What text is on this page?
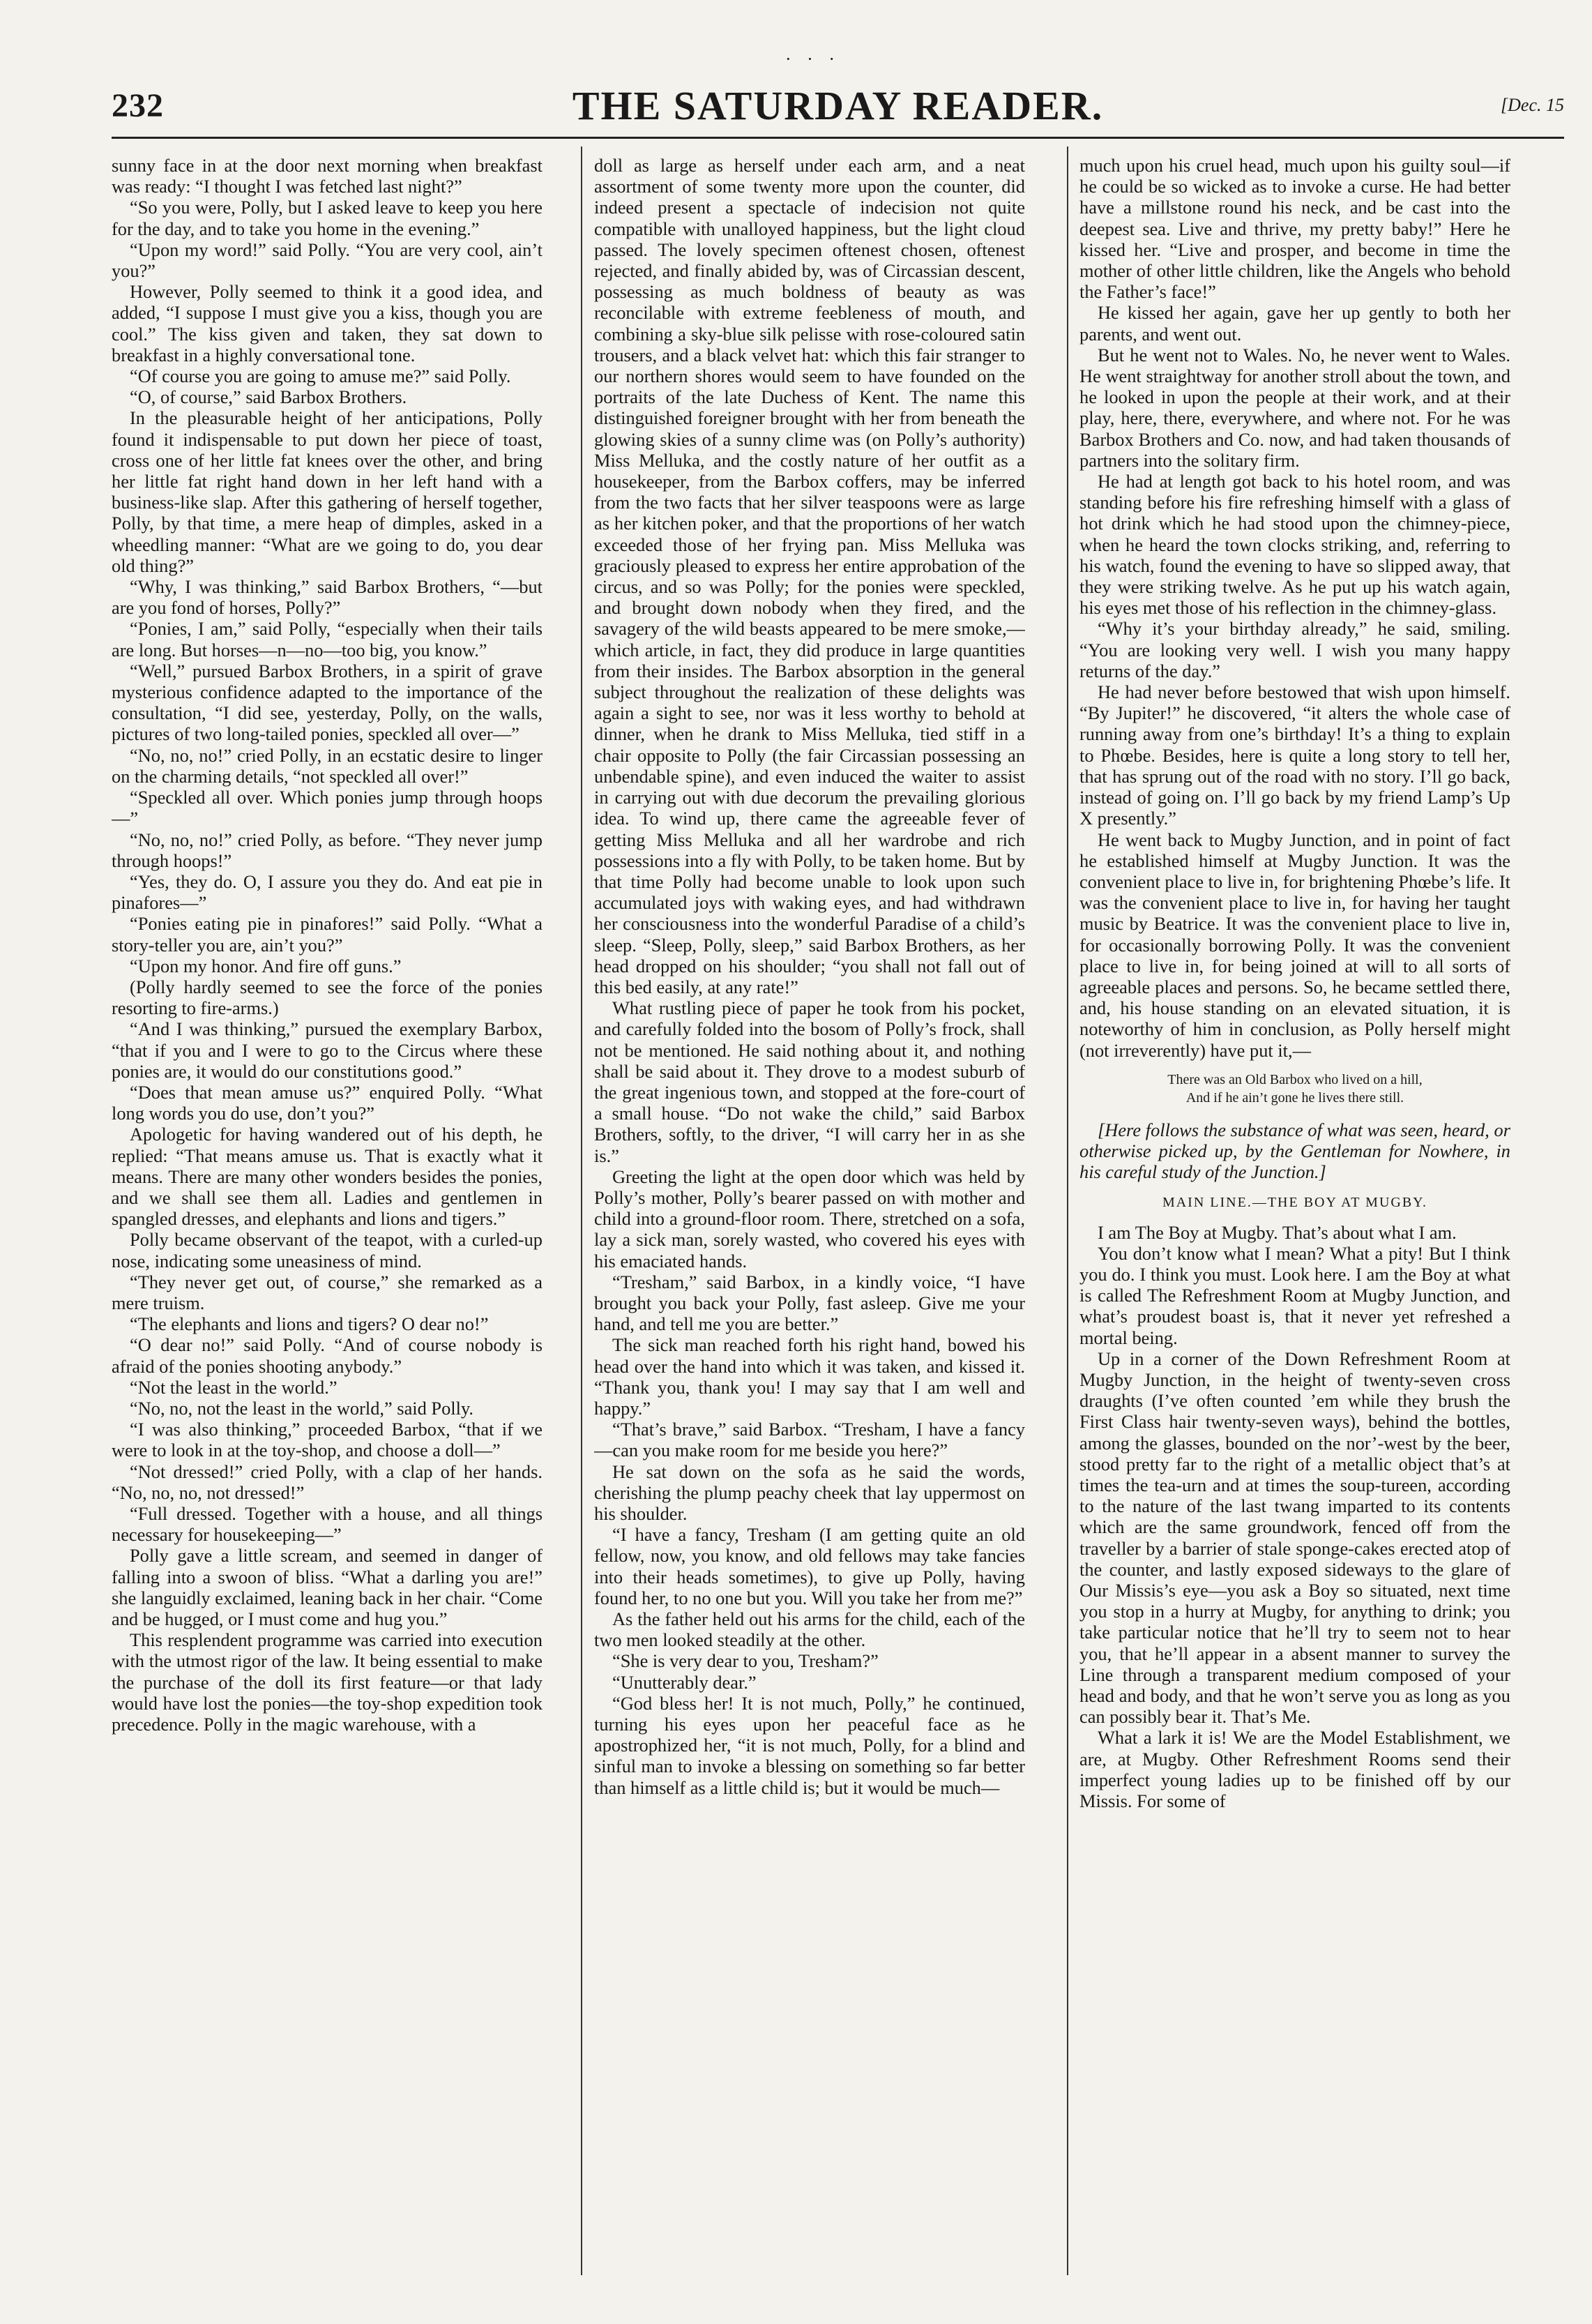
· · ·
232	THE SATURDAY READER.	[Dec. 15

sunny face in at the door next morning when breakfast was ready: “I thought I was fetched last night?”

“So you were, Polly, but I asked leave to keep you here for the day, and to take you home in the evening.”

“Upon my word!” said Polly. “You are very cool, ain’t you?”

However, Polly seemed to think it a good idea, and added, “I suppose I must give you a kiss, though you are cool.” The kiss given and taken, they sat down to breakfast in a highly conversational tone.

“Of course you are going to amuse me?” said Polly.

“O, of course,” said Barbox Brothers.

In the pleasurable height of her anticipations, Polly found it indispensable to put down her piece of toast, cross one of her little fat knees over the other, and bring her little fat right hand down in her left hand with a business-like slap. After this gathering of herself together, Polly, by that time, a mere heap of dimples, asked in a wheedling manner: “What are we going to do, you dear old thing?”

“Why, I was thinking,” said Barbox Brothers, “—but are you fond of horses, Polly?”

“Ponies, I am,” said Polly, “especially when their tails are long. But horses—n—no—too big, you know.”

“Well,” pursued Barbox Brothers, in a spirit of grave mysterious confidence adapted to the importance of the consultation, “I did see, yesterday, Polly, on the walls, pictures of two long-tailed ponies, speckled all over—”

“No, no, no!” cried Polly, in an ecstatic desire to linger on the charming details, “not speckled all over!”

“Speckled all over. Which ponies jump through hoops—”

“No, no, no!” cried Polly, as before. “They never jump through hoops!”

“Yes, they do. O, I assure you they do. And eat pie in pinafores—”

“Ponies eating pie in pinafores!” said Polly. “What a story-teller you are, ain’t you?”

“Upon my honor. And fire off guns.”

(Polly hardly seemed to see the force of the ponies resorting to fire-arms.)

“And I was thinking,” pursued the exemplary Barbox, “that if you and I were to go to the Circus where these ponies are, it would do our constitutions good.”

“Does that mean amuse us?” enquired Polly. “What long words you do use, don’t you?”

Apologetic for having wandered out of his depth, he replied: “That means amuse us. That is exactly what it means. There are many other wonders besides the ponies, and we shall see them all. Ladies and gentlemen in spangled dresses, and elephants and lions and tigers.”

Polly became observant of the teapot, with a curled-up nose, indicating some uneasiness of mind.

“They never get out, of course,” she remarked as a mere truism.

“The elephants and lions and tigers? O dear no!”

“O dear no!” said Polly. “And of course nobody is afraid of the ponies shooting anybody.”

“Not the least in the world.”

“No, no, not the least in the world,” said Polly.

“I was also thinking,” proceeded Barbox, “that if we were to look in at the toy-shop, and choose a doll—”

“Not dressed!” cried Polly, with a clap of her hands. “No, no, no, not dressed!”

“Full dressed. Together with a house, and all things necessary for housekeeping—”

Polly gave a little scream, and seemed in danger of falling into a swoon of bliss. “What a darling you are!” she languidly exclaimed, leaning back in her chair. “Come and be hugged, or I must come and hug you.”

This resplendent programme was carried into execution with the utmost rigor of the law. It being essential to make the purchase of the doll its first feature—or that lady would have lost the ponies—the toy-shop expedition took precedence. Polly in the magic warehouse, with a

doll as large as herself under each arm, and a neat assortment of some twenty more upon the counter, did indeed present a spectacle of indecision not quite compatible with unalloyed happiness, but the light cloud passed. The lovely specimen oftenest chosen, oftenest rejected, and finally abided by, was of Circassian descent, possessing as much boldness of beauty as was reconcilable with extreme feebleness of mouth, and combining a sky-blue silk pelisse with rose-coloured satin trousers, and a black velvet hat: which this fair stranger to our northern shores would seem to have founded on the portraits of the late Duchess of Kent. The name this distinguished foreigner brought with her from beneath the glowing skies of a sunny clime was (on Polly’s authority) Miss Melluka, and the costly nature of her outfit as a housekeeper, from the Barbox coffers, may be inferred from the two facts that her silver teaspoons were as large as her kitchen poker, and that the proportions of her watch exceeded those of her frying pan. Miss Melluka was graciously pleased to express her entire approbation of the circus, and so was Polly; for the ponies were speckled, and brought down nobody when they fired, and the savagery of the wild beasts appeared to be mere smoke,—which article, in fact, they did produce in large quantities from their insides. The Barbox absorption in the general subject throughout the realization of these delights was again a sight to see, nor was it less worthy to behold at dinner, when he drank to Miss Melluka, tied stiff in a chair opposite to Polly (the fair Circassian possessing an unbendable spine), and even induced the waiter to assist in carrying out with due decorum the prevailing glorious idea. To wind up, there came the agreeable fever of getting Miss Melluka and all her wardrobe and rich possessions into a fly with Polly, to be taken home. But by that time Polly had become unable to look upon such accumulated joys with waking eyes, and had withdrawn her consciousness into the wonderful Paradise of a child’s sleep. “Sleep, Polly, sleep,” said Barbox Brothers, as her head dropped on his shoulder; “you shall not fall out of this bed easily, at any rate!”

What rustling piece of paper he took from his pocket, and carefully folded into the bosom of Polly’s frock, shall not be mentioned. He said nothing about it, and nothing shall be said about it. They drove to a modest suburb of the great ingenious town, and stopped at the fore-court of a small house. “Do not wake the child,” said Barbox Brothers, softly, to the driver, “I will carry her in as she is.”

Greeting the light at the open door which was held by Polly’s mother, Polly’s bearer passed on with mother and child into a ground-floor room. There, stretched on a sofa, lay a sick man, sorely wasted, who covered his eyes with his emaciated hands.

“Tresham,” said Barbox, in a kindly voice, “I have brought you back your Polly, fast asleep. Give me your hand, and tell me you are better.”

The sick man reached forth his right hand, bowed his head over the hand into which it was taken, and kissed it. “Thank you, thank you! I may say that I am well and happy.”

“That’s brave,” said Barbox. “Tresham, I have a fancy—can you make room for me beside you here?”

He sat down on the sofa as he said the words, cherishing the plump peachy cheek that lay uppermost on his shoulder.

“I have a fancy, Tresham (I am getting quite an old fellow, now, you know, and old fellows may take fancies into their heads sometimes), to give up Polly, having found her, to no one but you. Will you take her from me?”

As the father held out his arms for the child, each of the two men looked steadily at the other.

“She is very dear to you, Tresham?”

“Unutterably dear.”

“God bless her! It is not much, Polly,” he continued, turning his eyes upon her peaceful face as he apostrophized her, “it is not much, Polly, for a blind and sinful man to invoke a blessing on something so far better than himself as a little child is; but it would be much—

much upon his cruel head, much upon his guilty soul—if he could be so wicked as to invoke a curse. He had better have a millstone round his neck, and be cast into the deepest sea. Live and thrive, my pretty baby!” Here he kissed her. “Live and prosper, and become in time the mother of other little children, like the Angels who behold the Father’s face!”

He kissed her again, gave her up gently to both her parents, and went out.

But he went not to Wales. No, he never went to Wales. He went straightway for another stroll about the town, and he looked in upon the people at their work, and at their play, here, there, everywhere, and where not. For he was Barbox Brothers and Co. now, and had taken thousands of partners into the solitary firm.

He had at length got back to his hotel room, and was standing before his fire refreshing himself with a glass of hot drink which he had stood upon the chimney-piece, when he heard the town clocks striking, and, referring to his watch, found the evening to have so slipped away, that they were striking twelve. As he put up his watch again, his eyes met those of his reflection in the chimney-glass.

“Why it’s your birthday already,” he said, smiling. “You are looking very well. I wish you many happy returns of the day.”

He had never before bestowed that wish upon himself. “By Jupiter!” he discovered, “it alters the whole case of running away from one’s birthday! It’s a thing to explain to Phœbe. Besides, here is quite a long story to tell her, that has sprung out of the road with no story. I’ll go back, instead of going on. I’ll go back by my friend Lamp’s Up X presently.”

He went back to Mugby Junction, and in point of fact he established himself at Mugby Junction. It was the convenient place to live in, for brightening Phœbe’s life. It was the convenient place to live in, for having her taught music by Beatrice. It was the convenient place to live in, for occasionally borrowing Polly. It was the convenient place to live in, for being joined at will to all sorts of agreeable places and persons. So, he became settled there, and, his house standing on an elevated situation, it is noteworthy of him in conclusion, as Polly herself might (not irreverently) have put it,—

There was an Old Barbox who lived on a hill,
And if he ain’t gone he lives there still.

[Here follows the substance of what was seen, heard, or otherwise picked up, by the Gentleman for Nowhere, in his careful study of the Junction.]

MAIN LINE.—THE BOY AT MUGBY.

I am The Boy at Mugby. That’s about what I am.

You don’t know what I mean? What a pity! But I think you do. I think you must. Look here. I am the Boy at what is called The Refreshment Room at Mugby Junction, and what’s proudest boast is, that it never yet refreshed a mortal being.

Up in a corner of the Down Refreshment Room at Mugby Junction, in the height of twenty-seven cross draughts (I’ve often counted ’em while they brush the First Class hair twenty-seven ways), behind the bottles, among the glasses, bounded on the nor’-west by the beer, stood pretty far to the right of a metallic object that’s at times the tea-urn and at times the soup-tureen, according to the nature of the last twang imparted to its contents which are the same groundwork, fenced off from the traveller by a barrier of stale sponge-cakes erected atop of the counter, and lastly exposed sideways to the glare of Our Missis’s eye—you ask a Boy so situated, next time you stop in a hurry at Mugby, for anything to drink; you take particular notice that he’ll try to seem not to hear you, that he’ll appear in a absent manner to survey the Line through a transparent medium composed of your head and body, and that he won’t serve you as long as you can possibly bear it. That’s Me.

What a lark it is! We are the Model Establishment, we are, at Mugby. Other Refreshment Rooms send their imperfect young ladies up to be finished off by our Missis. For some of
